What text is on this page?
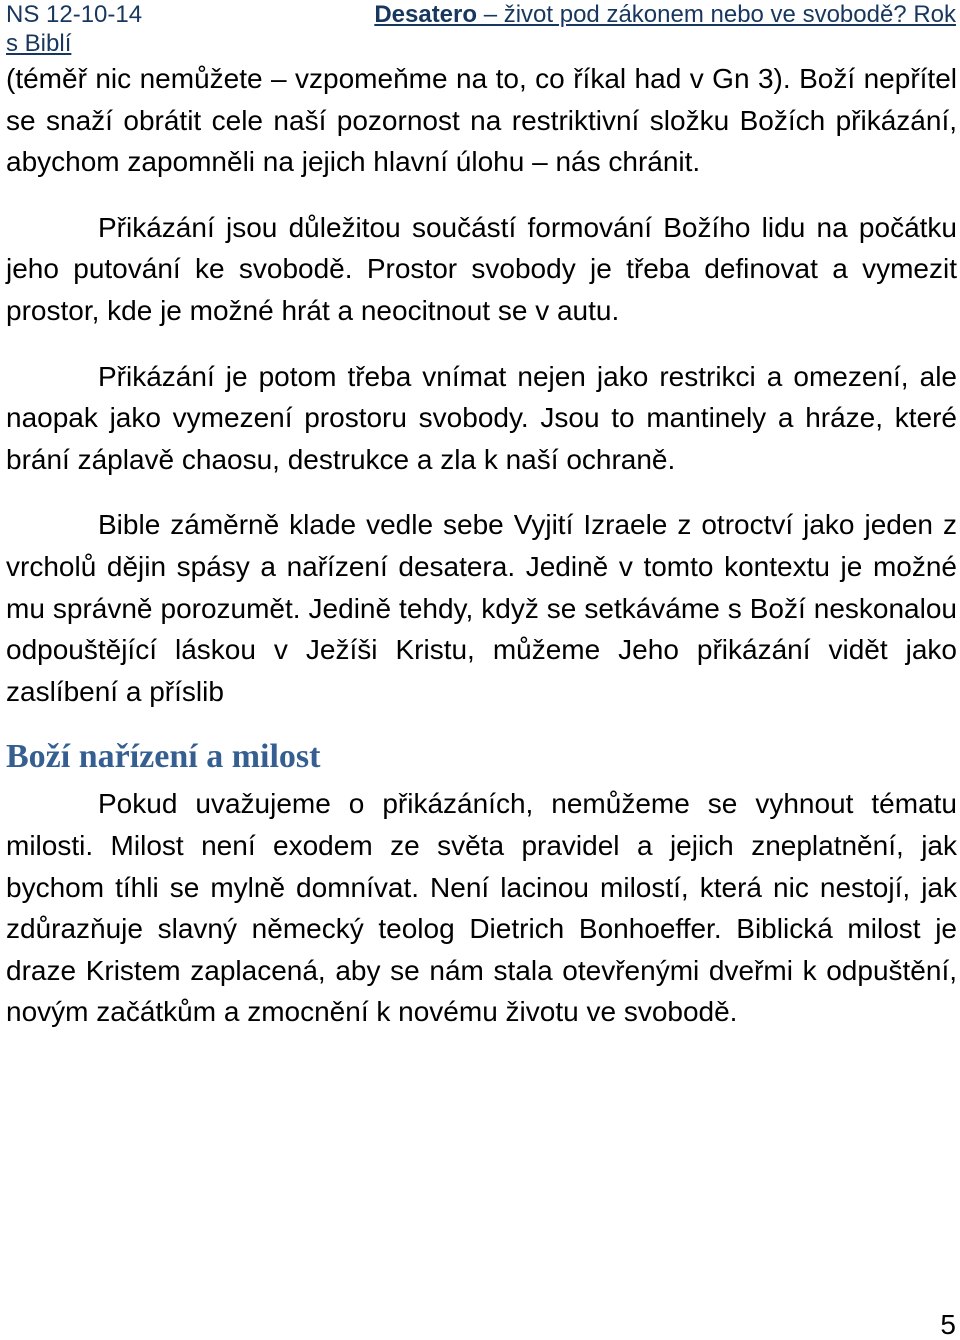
NS 12-10-14	Desatero – život pod zákonem nebo ve svobodě? Rok
s Biblí

(téměř nic nemůžete – vzpomeňme na to, co říkal had v Gn 3). Boží nepřítel se snaží obrátit cele naší pozornost na restriktivní složku Božích přikázání, abychom zapomněli na jejich hlavní úlohu – nás chránit.

Přikázání jsou důležitou součástí formování Božího lidu na počátku jeho putování ke svobodě. Prostor svobody je třeba definovat a vymezit prostor, kde je možné hrát a neocitnout se v autu.

Přikázání je potom třeba vnímat nejen jako restrikci a omezení, ale naopak jako vymezení prostoru svobody. Jsou to mantinely a hráze, které brání záplavě chaosu, destrukce a zla k naší ochraně.

Bible záměrně klade vedle sebe Vyjití Izraele z otroctví jako jeden z vrcholů dějin spásy a nařízení desatera. Jedině v tomto kontextu je možné mu správně porozumět. Jedině tehdy, když se setkáváme s Boží neskonalou odpouštějící láskou v Ježíši Kristu, můžeme Jeho přikázání vidět jako zaslíbení a příslib

Boží nařízení a milost

Pokud uvažujeme o přikázáních, nemůžeme se vyhnout tématu milosti. Milost není exodem ze světa pravidel a jejich zneplatnění, jak bychom tíhli se mylně domnívat. Není lacinou milostí, která nic nestojí, jak zdůrazňuje slavný německý teolog Dietrich Bonhoeffer. Biblická milost je draze Kristem zaplacená, aby se nám stala otevřenými dveřmi k odpuštění, novým začátkům a zmocnění k novému životu ve svobodě.

5
